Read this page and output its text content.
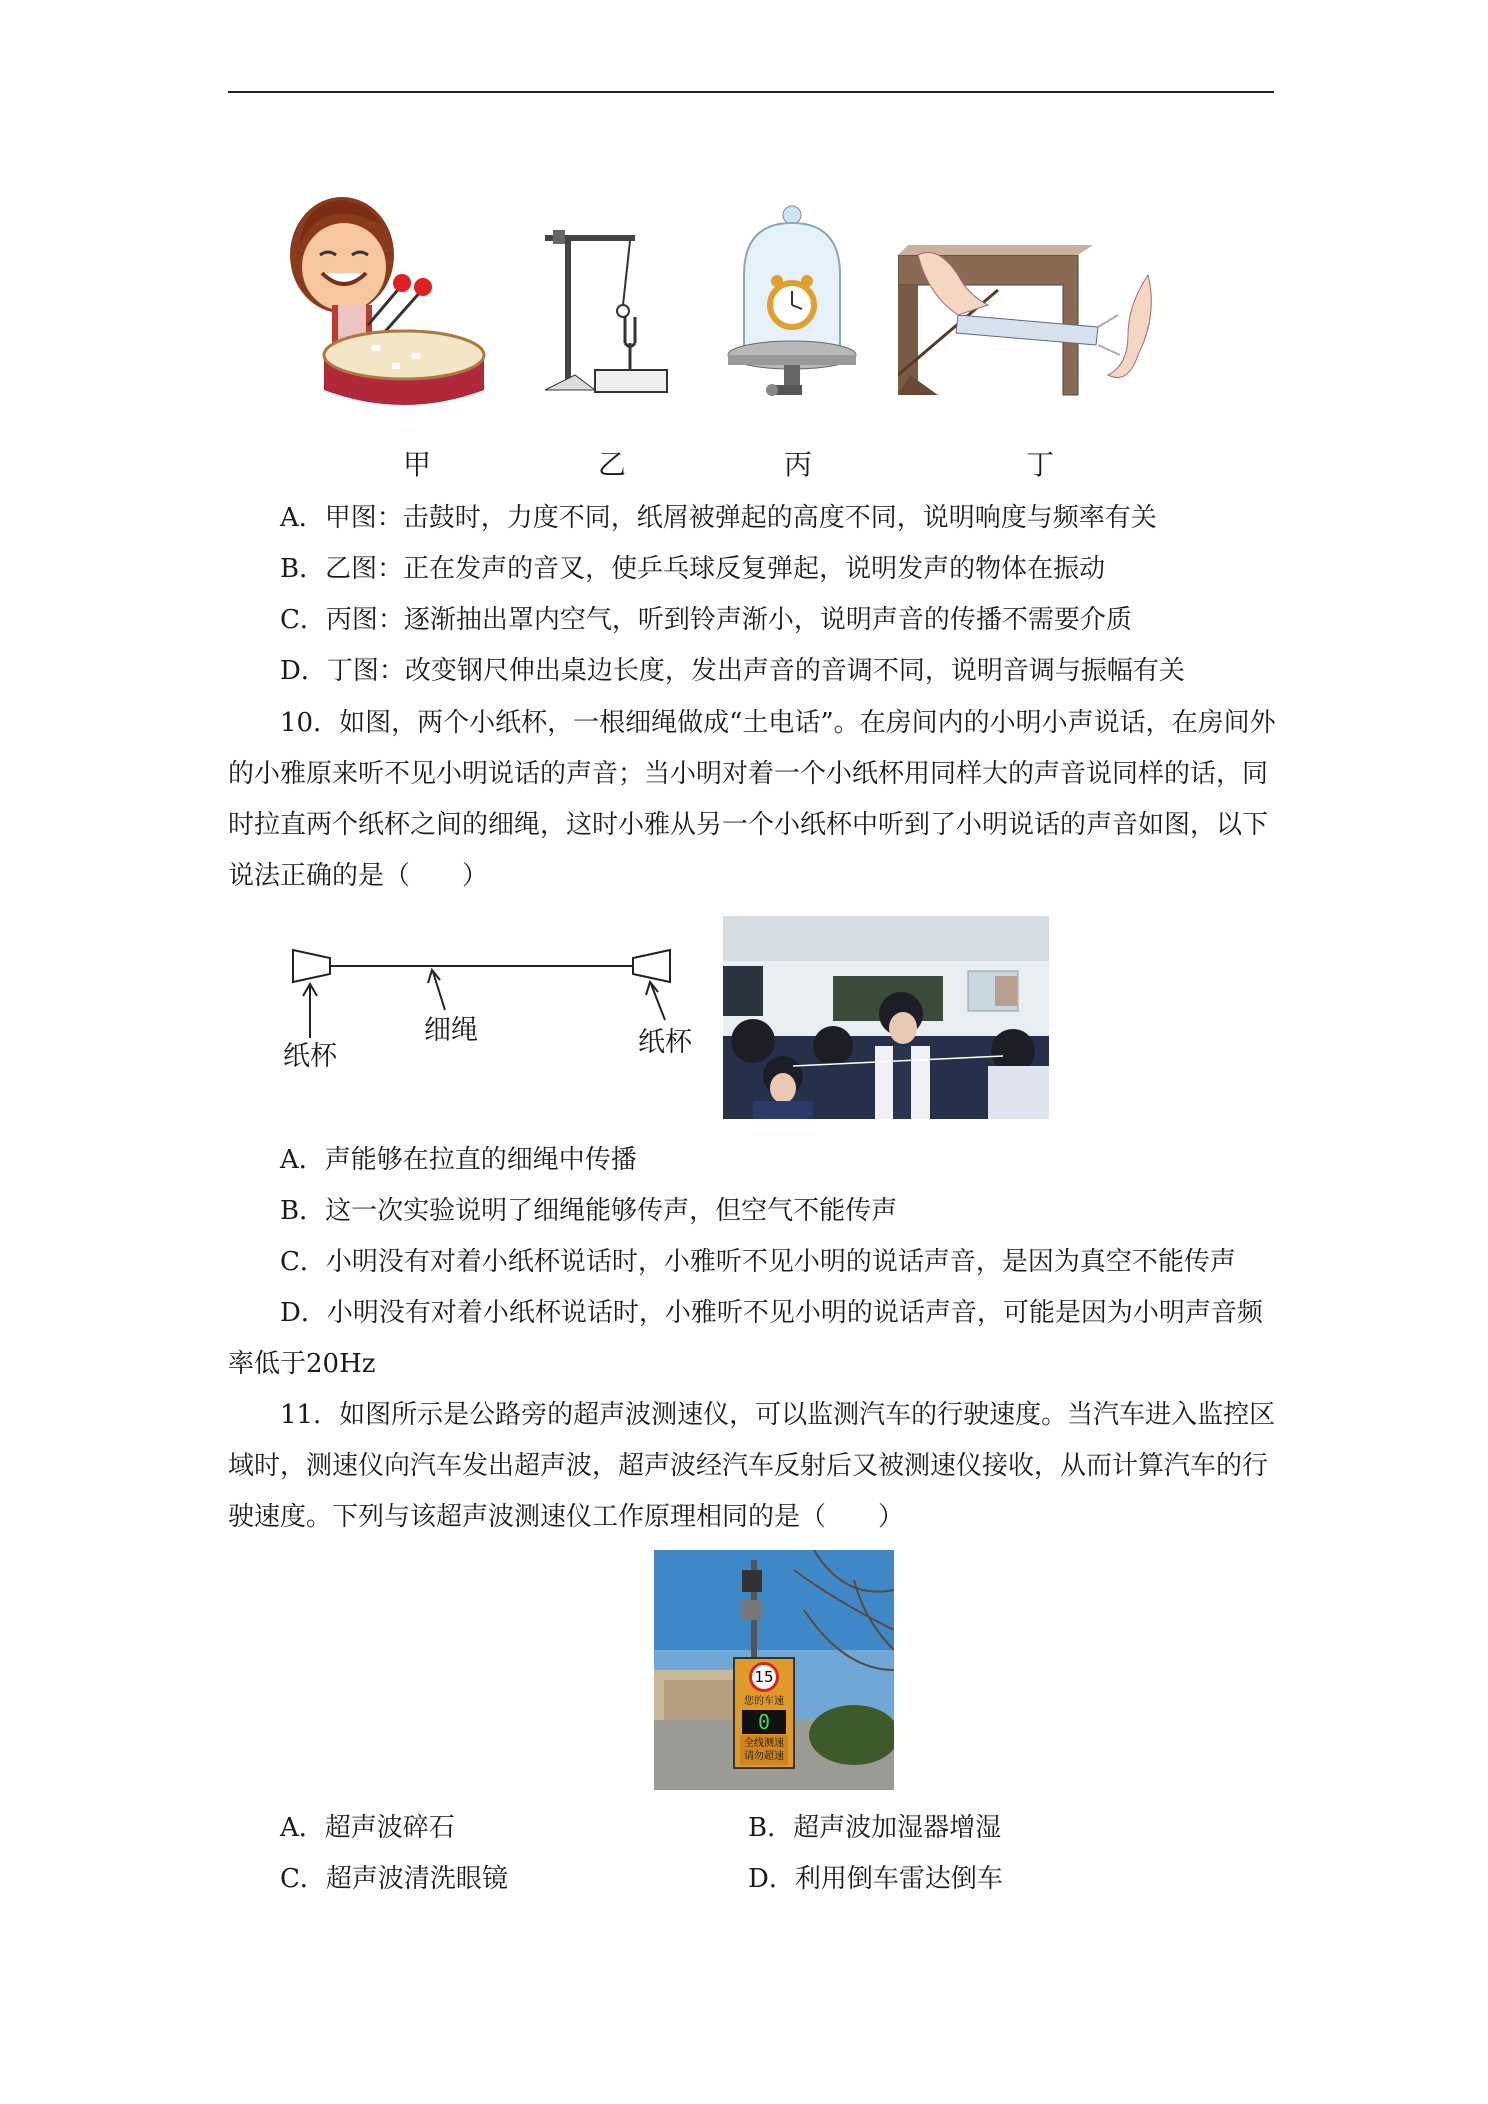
甲	乙	丙	丁
A．甲图：击鼓时，力度不同，纸屑被弹起的高度不同，说明响度与频率有关
B．乙图：正在发声的音叉，使乒乓球反复弹起，说明发声的物体在振动
C．丙图：逐渐抽出罩内空气，听到铃声渐小，说明声音的传播不需要介质
D．丁图：改变钢尺伸出桌边长度，发出声音的音调不同，说明音调与振幅有关
10．如图，两个小纸杯，一根细绳做成“土电话”。在房间内的小明小声说话，在房间外
的小雅原来听不见小明说话的声音；当小明对着一个小纸杯用同样大的声音说同样的话，同
时拉直两个纸杯之间的细绳，这时小雅从另一个小纸杯中听到了小明说话的声音如图，以下
说法正确的是（　　）
纸杯
细绳	纸杯
A．声能够在拉直的细绳中传播
B．这一次实验说明了细绳能够传声，但空气不能传声
C．小明没有对着小纸杯说话时，小雅听不见小明的说话声音，是因为真空不能传声
D．小明没有对着小纸杯说话时，小雅听不见小明的说话声音，可能是因为小明声音频
率低于20Hz
11．如图所示是公路旁的超声波测速仪，可以监测汽车的行驶速度。当汽车进入监控区
域时，测速仪向汽车发出超声波，超声波经汽车反射后又被测速仪接收，从而计算汽车的行
驶速度。下列与该超声波测速仪工作原理相同的是（　　）
15
您的车速
0
全线测速
请勿超速
A．超声波碎石	B．超声波加湿器增湿
C．超声波清洗眼镜	D．利用倒车雷达倒车
